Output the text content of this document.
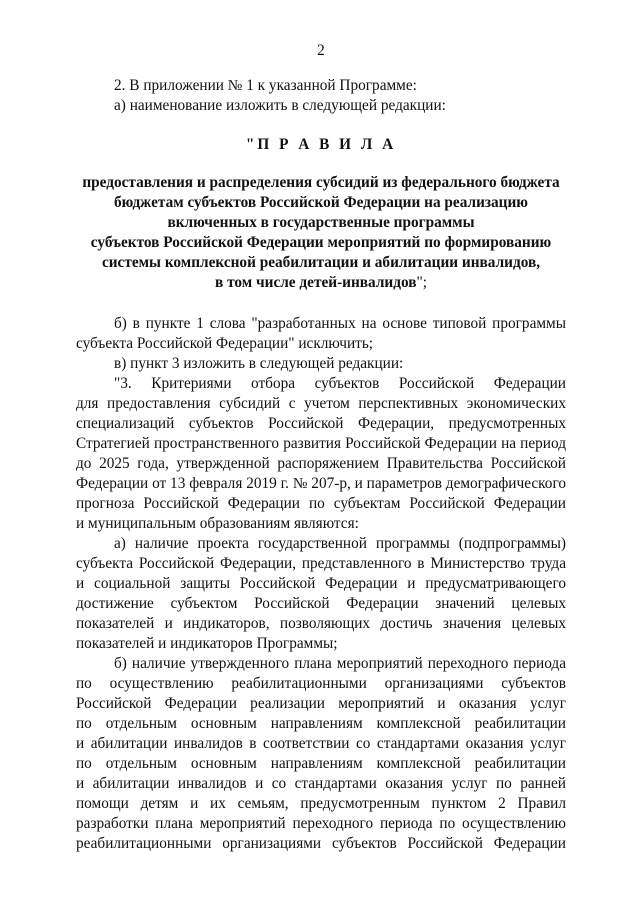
2
2. В приложении № 1 к указанной Программе:
а) наименование изложить в следующей редакции:
"П Р А В И Л А
предоставления и распределения субсидий из федерального бюджета
бюджетам субъектов Российской Федерации на реализацию
включенных в государственные программы
субъектов Российской Федерации мероприятий по формированию
системы комплексной реабилитации и абилитации инвалидов,
в том числе детей-инвалидов";
б) в пункте 1 слова "разработанных на основе типовой программы
субъекта Российской Федерации" исключить;
в) пункт 3 изложить в следующей редакции:
"3. Критериями отбора субъектов Российской Федерации
для предоставления субсидий с учетом перспективных экономических
специализаций субъектов Российской Федерации, предусмотренных
Стратегией пространственного развития Российской Федерации на период
до 2025 года, утвержденной распоряжением Правительства Российской
Федерации от 13 февраля 2019 г. № 207-р, и параметров демографического
прогноза Российской Федерации по субъектам Российской Федерации
и муниципальным образованиям являются:
а) наличие проекта государственной программы (подпрограммы)
субъекта Российской Федерации, представленного в Министерство труда
и социальной защиты Российской Федерации и предусматривающего
достижение субъектом Российской Федерации значений целевых
показателей и индикаторов, позволяющих достичь значения целевых
показателей и индикаторов Программы;
б) наличие утвержденного плана мероприятий переходного периода
по осуществлению реабилитационными организациями субъектов
Российской Федерации реализации мероприятий и оказания услуг
по отдельным основным направлениям комплексной реабилитации
и абилитации инвалидов в соответствии со стандартами оказания услуг
по отдельным основным направлениям комплексной реабилитации
и абилитации инвалидов и со стандартами оказания услуг по ранней
помощи детям и их семьям, предусмотренным пунктом 2 Правил
разработки плана мероприятий переходного периода по осуществлению
реабилитационными организациями субъектов Российской Федерации
